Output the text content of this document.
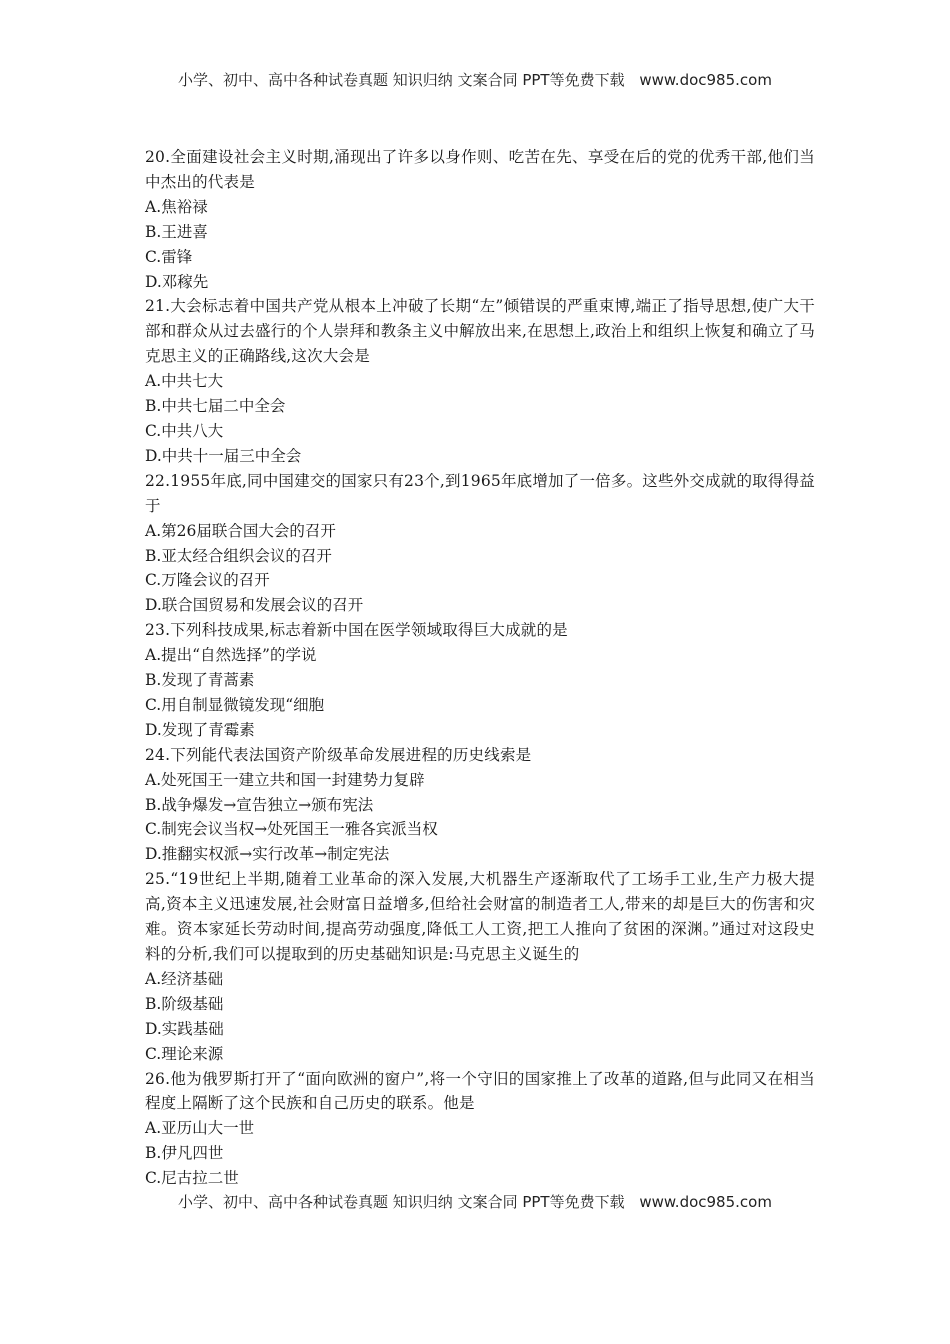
小学、初中、高中各种试卷真题 知识归纳 文案合同 PPT等免费下载 www.doc985.com
20.全面建设社会主义时期,涌现出了许多以身作则、吃苦在先、享受在后的党的优秀干部,他们当中杰出的代表是
A.焦裕禄
B.王进喜
C.雷锋
D.邓稼先
21.大会标志着中国共产党从根本上冲破了长期“左”倾错误的严重束博,端正了指导思想,使广大干部和群众从过去盛行的个人崇拜和教条主义中解放出来,在思想上,政治上和组织上恢复和确立了马克思主义的正确路线,这次大会是
A.中共七大
B.中共七届二中全会
C.中共八大
D.中共十一届三中全会
22.1955年底,同中国建交的国家只有23个,到1965年底增加了一倍多。这些外交成就的取得得益于
A.第26届联合国大会的召开
B.亚太经合组织会议的召开
C.万隆会议的召开
D.联合国贸易和发展会议的召开
23.下列科技成果,标志着新中国在医学领域取得巨大成就的是
A.提出“自然选择”的学说
B.发现了青蒿素
C.用自制显微镜发现“细胞
D.发现了青霉素
24.下列能代表法国资产阶级革命发展进程的历史线索是
A.处死国王一建立共和国一封建势力复辟
B.战争爆发→宣告独立→颁布宪法
C.制宪会议当权→处死国王一雅各宾派当权
D.推翻实权派→实行改革→制定宪法
25.“19世纪上半期,随着工业革命的深入发展,大机器生产逐渐取代了工场手工业,生产力极大提高,资本主义迅速发展,社会财富日益增多,但给社会财富的制造者工人,带来的却是巨大的伤害和灾难。资本家延长劳动时间,提高劳动强度,降低工人工资,把工人推向了贫困的深渊。”通过对这段史料的分析,我们可以提取到的历史基础知识是:马克思主义诞生的
A.经济基础
B.阶级基础
D.实践基础
C.理论来源
26.他为俄罗斯打开了“面向欧洲的窗户”,将一个守旧的国家推上了改革的道路,但与此同又在相当程度上隔断了这个民族和自己历史的联系。他是
A.亚历山大一世
B.伊凡四世
C.尼古拉二世
小学、初中、高中各种试卷真题 知识归纳 文案合同 PPT等免费下载 www.doc985.com
